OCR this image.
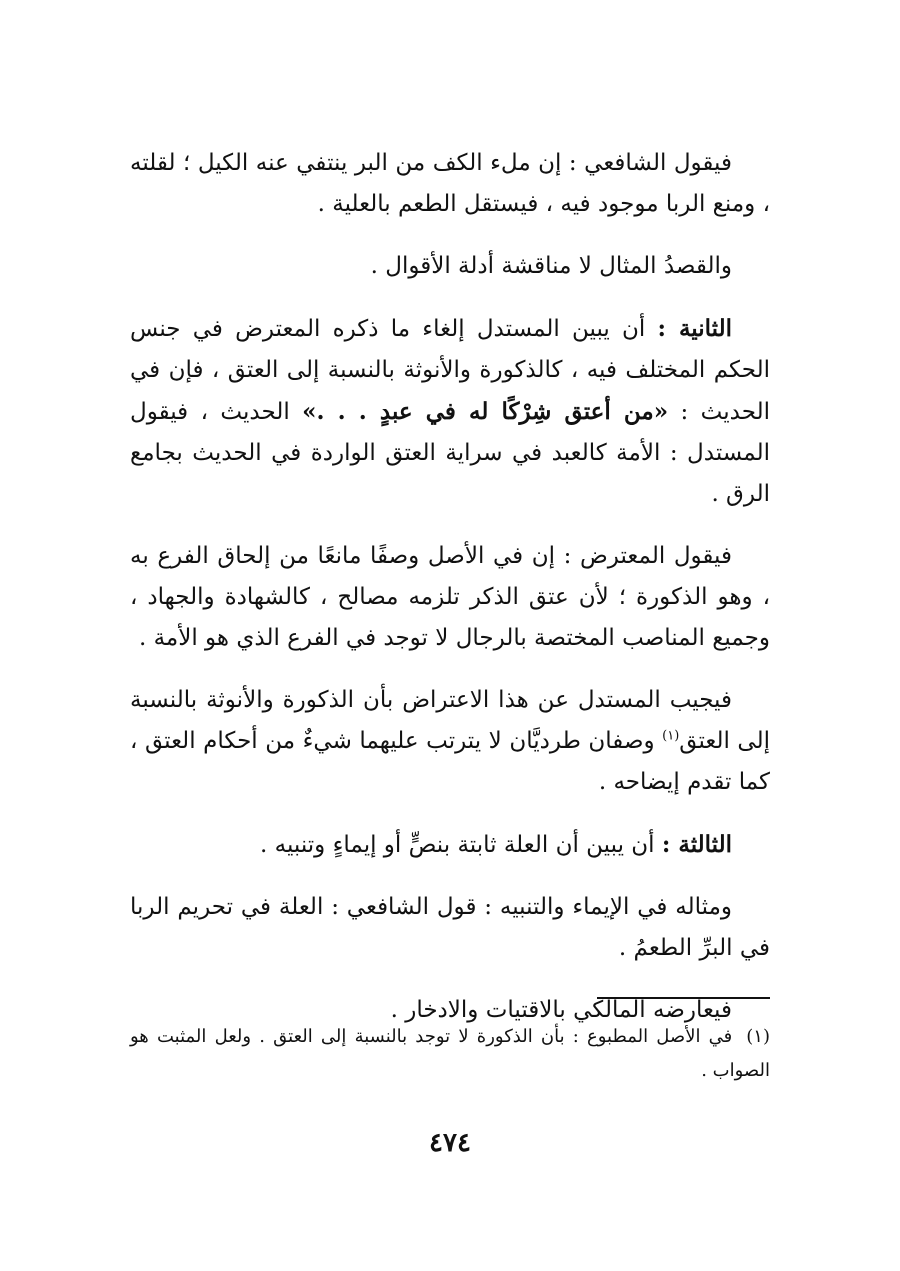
فيقول الشافعي : إن ملء الكف من البر ينتفي عنه الكيل ؛ لقلته ، ومنع الربا موجود فيه ، فيستقل الطعم بالعلية .

والقصدُ المثال لا مناقشة أدلة الأقوال .

الثانية : أن يبين المستدل إلغاء ما ذكره المعترض في جنس الحكم المختلف فيه ، كالذكورة والأنوثة بالنسبة إلى العتق ، فإن في الحديث : «من أعتق شِرْكًا له في عبدٍ . . .» الحديث ، فيقول المستدل : الأمة كالعبد في سراية العتق الواردة في الحديث بجامع الرق .

فيقول المعترض : إن في الأصل وصفًا مانعًا من إلحاق الفرع به ، وهو الذكورة ؛ لأن عتق الذكر تلزمه مصالح ، كالشهادة والجهاد ، وجميع المناصب المختصة بالرجال لا توجد في الفرع الذي هو الأمة .

فيجيب المستدل عن هذا الاعتراض بأن الذكورة والأنوثة بالنسبة إلى العتق$^{(١)}$ وصفان طرديَّان لا يترتب عليهما شيءٌ من أحكام العتق ، كما تقدم إيضاحه .

الثالثة : أن يبين أن العلة ثابتة بنصٍّ أو إيماءٍ وتنبيه .

ومثاله في الإيماء والتنبيه : قول الشافعي : العلة في تحريم الربا في البرِّ الطعمُ .

فيعارضه المالكي بالاقتيات والادخار .

(١)في الأصل المطبوع : بأن الذكورة لا توجد بالنسبة إلى العتق . ولعل المثبت هو الصواب .
٤٧٤
